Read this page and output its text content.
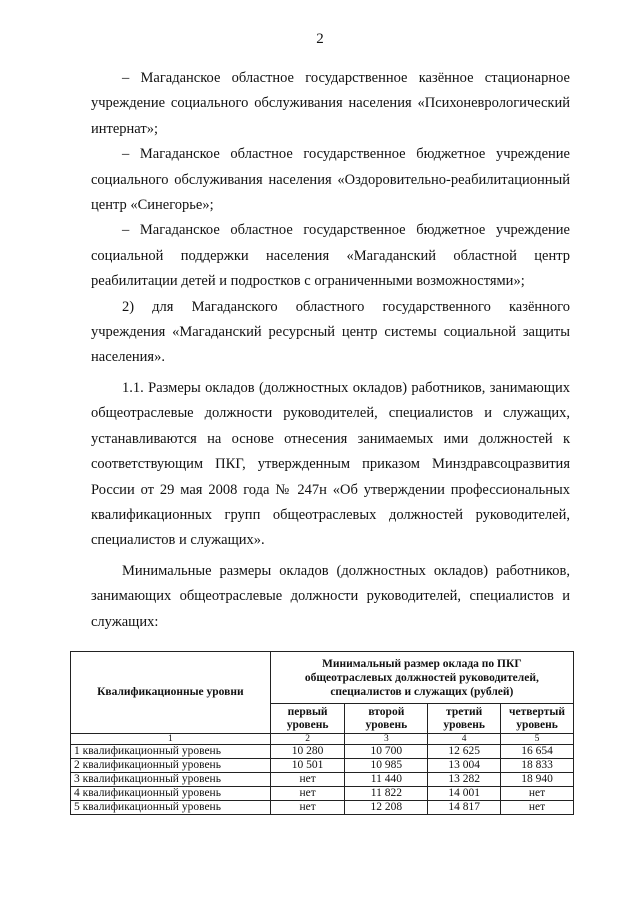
2

– Магаданское областное государственное казённое стационарное учреждение социального обслуживания населения «Психоневрологический интернат»;

– Магаданское областное государственное бюджетное учреждение социального обслуживания населения «Оздоровительно-реабилитационный центр «Синегорье»;

– Магаданское областное государственное бюджетное учреждение социальной поддержки населения «Магаданский областной центр реабилитации детей и подростков с ограниченными возможностями»;

2) для Магаданского областного государственного казённого учреждения «Магаданский ресурсный центр системы социальной защиты населения».

1.1. Размеры окладов (должностных окладов) работников, занимающих общеотраслевые должности руководителей, специалистов и служащих, устанавливаются на основе отнесения занимаемых ими должностей к соответствующим ПКГ, утвержденным приказом Минздравсоцразвития России от 29 мая 2008 года № 247н «Об утверждении профессиональных квалификационных групп общеотраслевых должностей руководителей, специалистов и служащих».

Минимальные размеры окладов (должностных окладов) работников, занимающих общеотраслевые должности руководителей, специалистов и служащих:

Квалификационные уровни	Минимальный размер оклада по ПКГ общеотраслевых должностей руководителей, специалистов и служащих (рублей)			
	первый уровень	второй уровень	третий уровень	четвертый уровень
1	2	3	4	5
1 квалификационный уровень	10 280	10 700	12 625	16 654
2 квалификационный уровень	10 501	10 985	13 004	18 833
3 квалификационный уровень	нет	11 440	13 282	18 940
4 квалификационный уровень	нет	11 822	14 001	нет
5 квалификационный уровень	нет	12 208	14 817	нет
